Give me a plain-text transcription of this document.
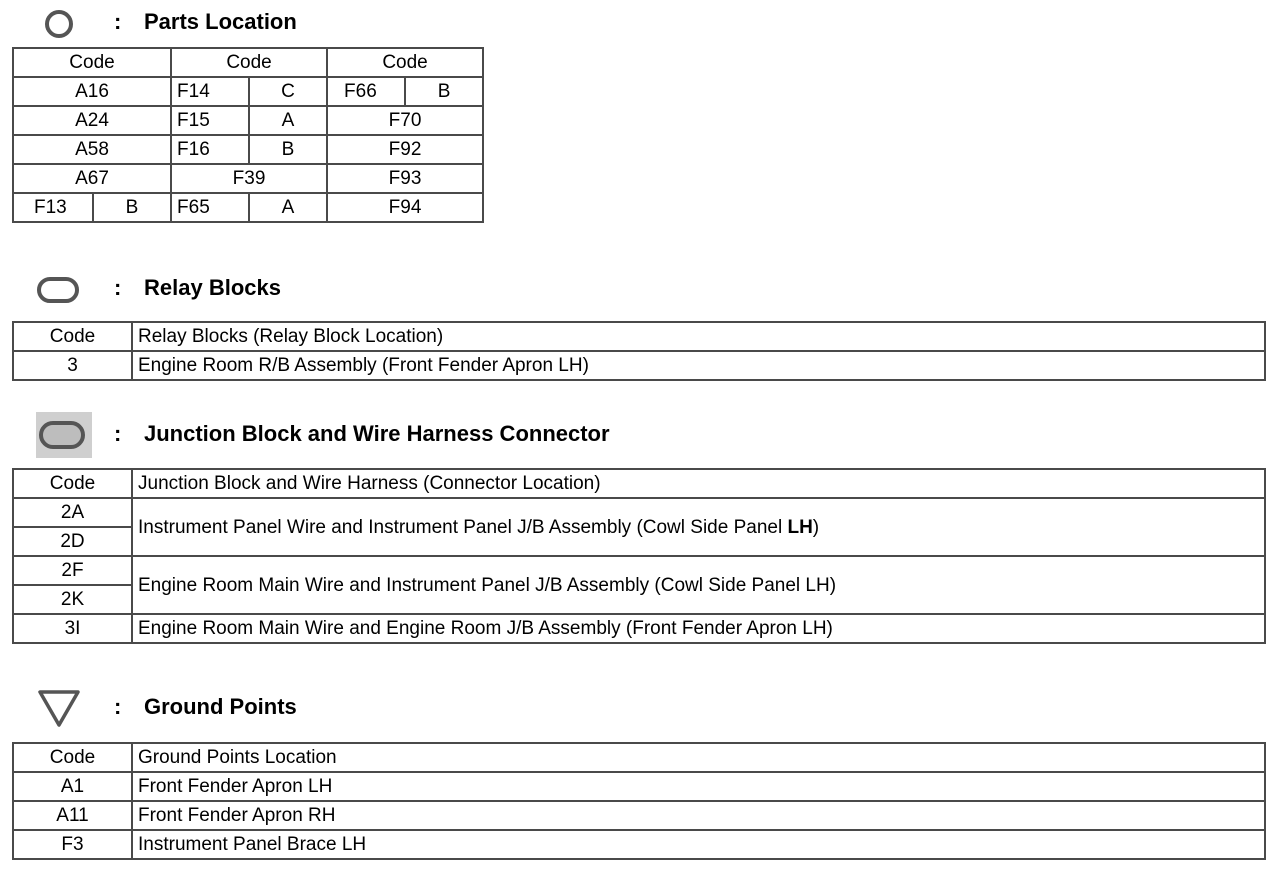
: Parts Location
Code		Code		Code	
A16		F14	C	F66	B
A24		F15	A	F70	
A58		F16	B	F92	
A67		F39		F93	
F13	B	F65	A	F94	
: Relay Blocks
Code	Relay Blocks (Relay Block Location)
3	Engine Room R/B Assembly (Front Fender Apron LH)
: Junction Block and Wire Harness Connector
Code	Junction Block and Wire Harness (Connector Location)
2A	Instrument Panel Wire and Instrument Panel J/B Assembly (Cowl Side Panel LH)
2D	
2F	Engine Room Main Wire and Instrument Panel J/B Assembly (Cowl Side Panel LH)
2K	
3I	Engine Room Main Wire and Engine Room J/B Assembly (Front Fender Apron LH)
: Ground Points
Code	Ground Points Location
A1	Front Fender Apron LH
A11	Front Fender Apron RH
F3	Instrument Panel Brace LH
